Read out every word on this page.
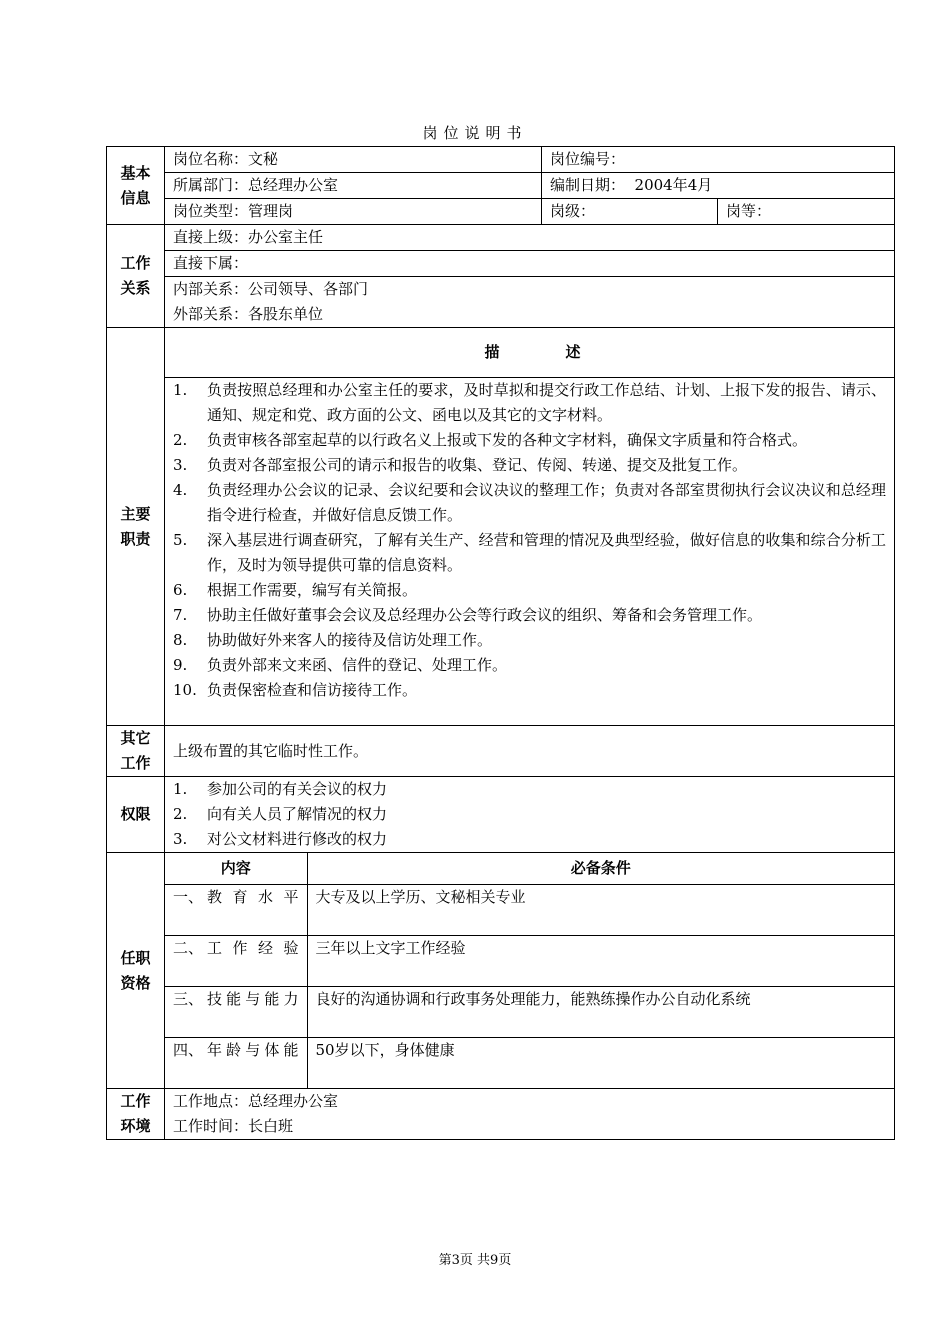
岗位说明书
基本信息
	岗位名称：文秘	岗位编号：
所属部门：总经理办公室	编制日期：  2004年4月
岗位类型：管理岗	岗级：	岗等：

工作关系
	直接上级：办公室主任
直接下属：

内部关系：公司领导、各部门
外部关系：各股东单位

主要职责
	描	述

1.	负责按照总经理和办公室主任的要求，及时草拟和提交行政工作总结、计划、上报下发的报告、请示、通知、规定和党、政方面的公文、函电以及其它的文字材料。
2.	负责审核各部室起草的以行政名义上报或下发的各种文字材料，确保文字质量和符合格式。
3.	负责对各部室报公司的请示和报告的收集、登记、传阅、转递、提交及批复工作。
4.	负责经理办公会议的记录、会议纪要和会议决议的整理工作；负责对各部室贯彻执行会议决议和总经理指令进行检查，并做好信息反馈工作。
5.	深入基层进行调查研究，了解有关生产、经营和管理的情况及典型经验，做好信息的收集和综合分析工作，及时为领导提供可靠的信息资料。
6.	根据工作需要，编写有关简报。
7.	协助主任做好董事会会议及总经理办公会等行政会议的组织、筹备和会务管理工作。
8.	协助做好外来客人的接待及信访处理工作。
9.	负责外部来文来函、信件的登记、处理工作。
10. 负责保密检查和信访接待工作。

其它工作
	上级布置的其它临时性工作。
权限	
1.	参加公司的有关会议的权力
2.	向有关人员了解情况的权力
3.	对公文材料进行修改的权力

任职资格

内容	必备条件

一、 教育水平	大专及以上学历、文秘相关专业

二、 工作经验	三年以上文字工作经验

三、 技能与能力	良好的沟通协调和行政事务处理能力，能熟练操作办公自动化系统

四、 年龄与体能	50岁以下，身体健康

工作环境

工作地点：总经理办公室
工作时间：长白班
第3页 共9页
